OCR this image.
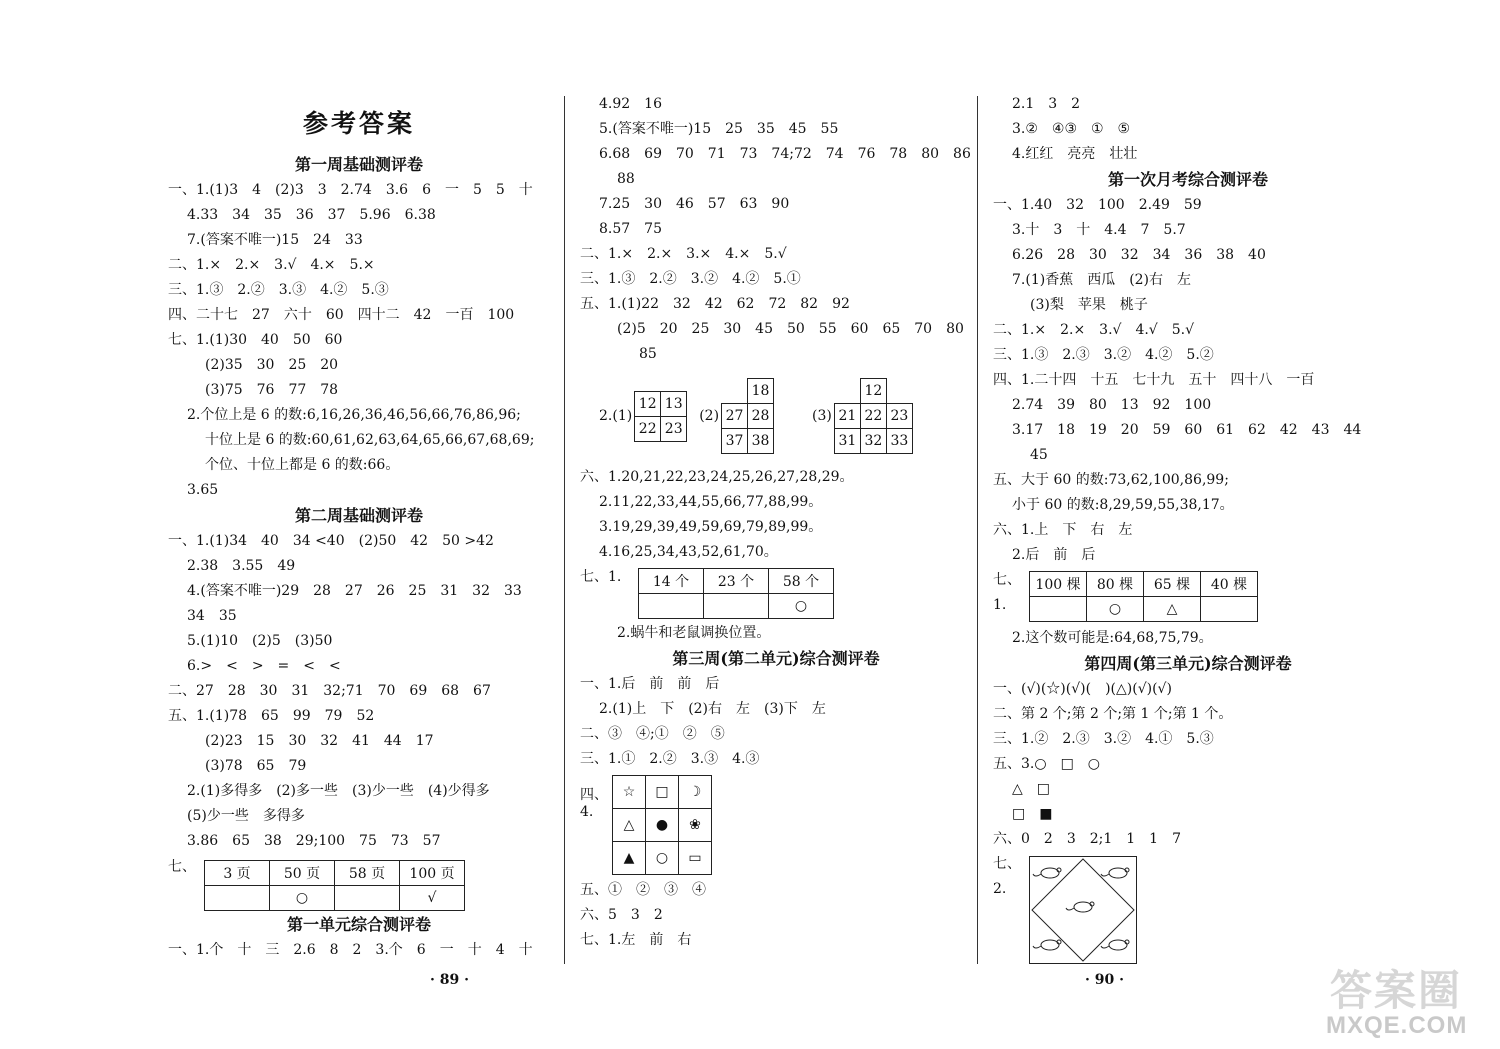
参考答案
第一周基础测评卷
一、1.(1)3　4　(2)3　3　2.74　3.6　6　一　5　5　十
4.33　34　35　36　37　5.96　6.38
7.(答案不唯一)15　24　33
二、1.×　2.×　3.√　4.×　5.×
三、1.③　2.②　3.③　4.②　5.③
四、二十七　27　六十　60　四十二　42　一百　100
七、1.(1)30　40　50　60
(2)35　30　25　20
(3)75　76　77　78
2.个位上是 6 的数:6,16,26,36,46,56,66,76,86,96;
十位上是 6 的数:60,61,62,63,64,65,66,67,68,69;
个位、十位上都是 6 的数:66。
3.65
第二周基础测评卷
一、1.(1)34　40　34 <40　(2)50　42　50 >42
2.38　3.55　49
4.(答案不唯一)29　28　27　26　25　31　32　33
34　35
5.(1)10　(2)5　(3)50
6.>　<　>　=　<　<
二、27　28　30　31　32;71　70　69　68　67
五、1.(1)78　65　99　79　52
(2)23　15　30　32　41　44　17
(3)78　65　79
2.(1)多得多　(2)多一些　(3)少一些　(4)少得多
(5)少一些　多得多
3.86　65　38　29;100　75　73　57
七、	3 页	50 页	58 页	100 页
	○		√
第一单元综合测评卷
一、1.个　十　三　2.6　8　2　3.个　6　一　十　4　十
4.92　16
5.(答案不唯一)15　25　35　45　55
6.68　69　70　71　73　74;72　74　76　78　80　86
88
7.25　30　46　57　63　90
8.57　75
二、1.×　2.×　3.×　4.×　5.√
三、1.③　2.②　3.②　4.②　5.①
五、1.(1)22　32　42　62　72　82　92
(2)5　20　25　30　45　50　55　60　65　70　80
85
2.(1)
12	13
22	23
(2)
	18	
27	28	
37	38	
(3)
	12	
21	22	23
31	32	33
六、1.20,21,22,23,24,25,26,27,28,29。
2.11,22,33,44,55,66,77,88,99。
3.19,29,39,49,59,69,79,89,99。
4.16,25,34,43,52,61,70。
七、1.	14 个	23 个	58 个
		○
2.蜗牛和老鼠调换位置。
第三周(第二单元)综合测评卷
一、1.后　前　前　后
2.(1)上　下　(2)右　左　(3)下　左
二、③　④;①　②　⑤
三、1.①　2.②　3.③　4.③
四、4.
☆	□	☽
△	●	❀
▲	○	▭
五、①　②　③　④
六、5　3　2
七、1.左　前　右
2.1　3　2
3.②　④③　①　⑤
4.红红　亮亮　壮壮
第一次月考综合测评卷
一、1.40　32　100　2.49　59
3.十　3　十　4.4　7　5.7
6.26　28　30　32　34　36　38　40
7.(1)香蕉　西瓜　(2)右　左
(3)梨　苹果　桃子
二、1.×　2.×　3.√　4.√　5.√
三、1.③　2.③　3.②　4.②　5.②
四、1.二十四　十五　七十九　五十　四十八　一百
2.74　39　80　13　92　100
3.17　18　19　20　59　60　61　62　42　43　44
45
五、大于 60 的数:73,62,100,86,99;
小于 60 的数:8,29,59,55,38,17。
六、1.上　下　右　左
2.后　前　后
七、1.
100 棵	80 棵	65 棵	40 棵
	○	△	
2.这个数可能是:64,68,75,79。
第四周(第三单元)综合测评卷
一、(√)(☆)(√)(　)(△)(√)(√)
二、第 2 个;第 2 个;第 1 个;第 1 个。
三、1.②　2.③　3.②　4.①　5.③
五、3.○　□　○
△　□
□　■
六、0　2　3　2;1　1　1　7
七、2.
· 89 ·	· 90 ·	答案圈
MXQE.COM
